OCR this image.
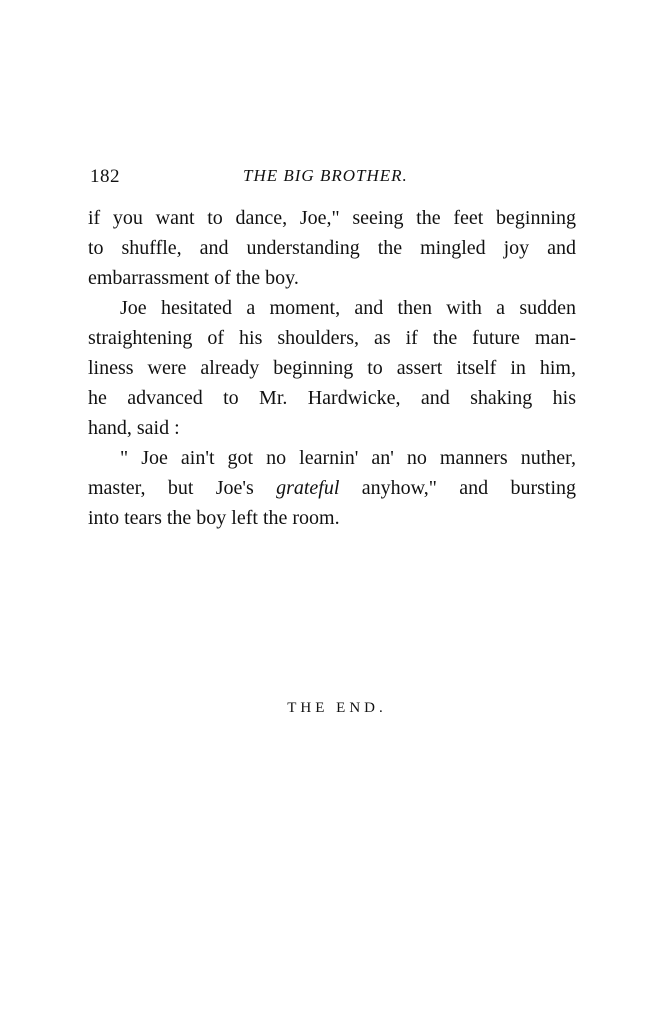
182	THE BIG BROTHER.
if you want to dance, Joe," seeing the feet beginning
to shuffle, and understanding the mingled joy and
embarrassment of the boy.
Joe hesitated a moment, and then with a sudden
straightening of his shoulders, as if the future man-
liness were already beginning to assert itself in him,
he advanced to Mr. Hardwicke, and shaking his
hand, said :
" Joe ain't got no learnin' an' no manners nuther,
master, but Joe's grateful anyhow," and bursting
into tears the boy left the room.
THE END.
